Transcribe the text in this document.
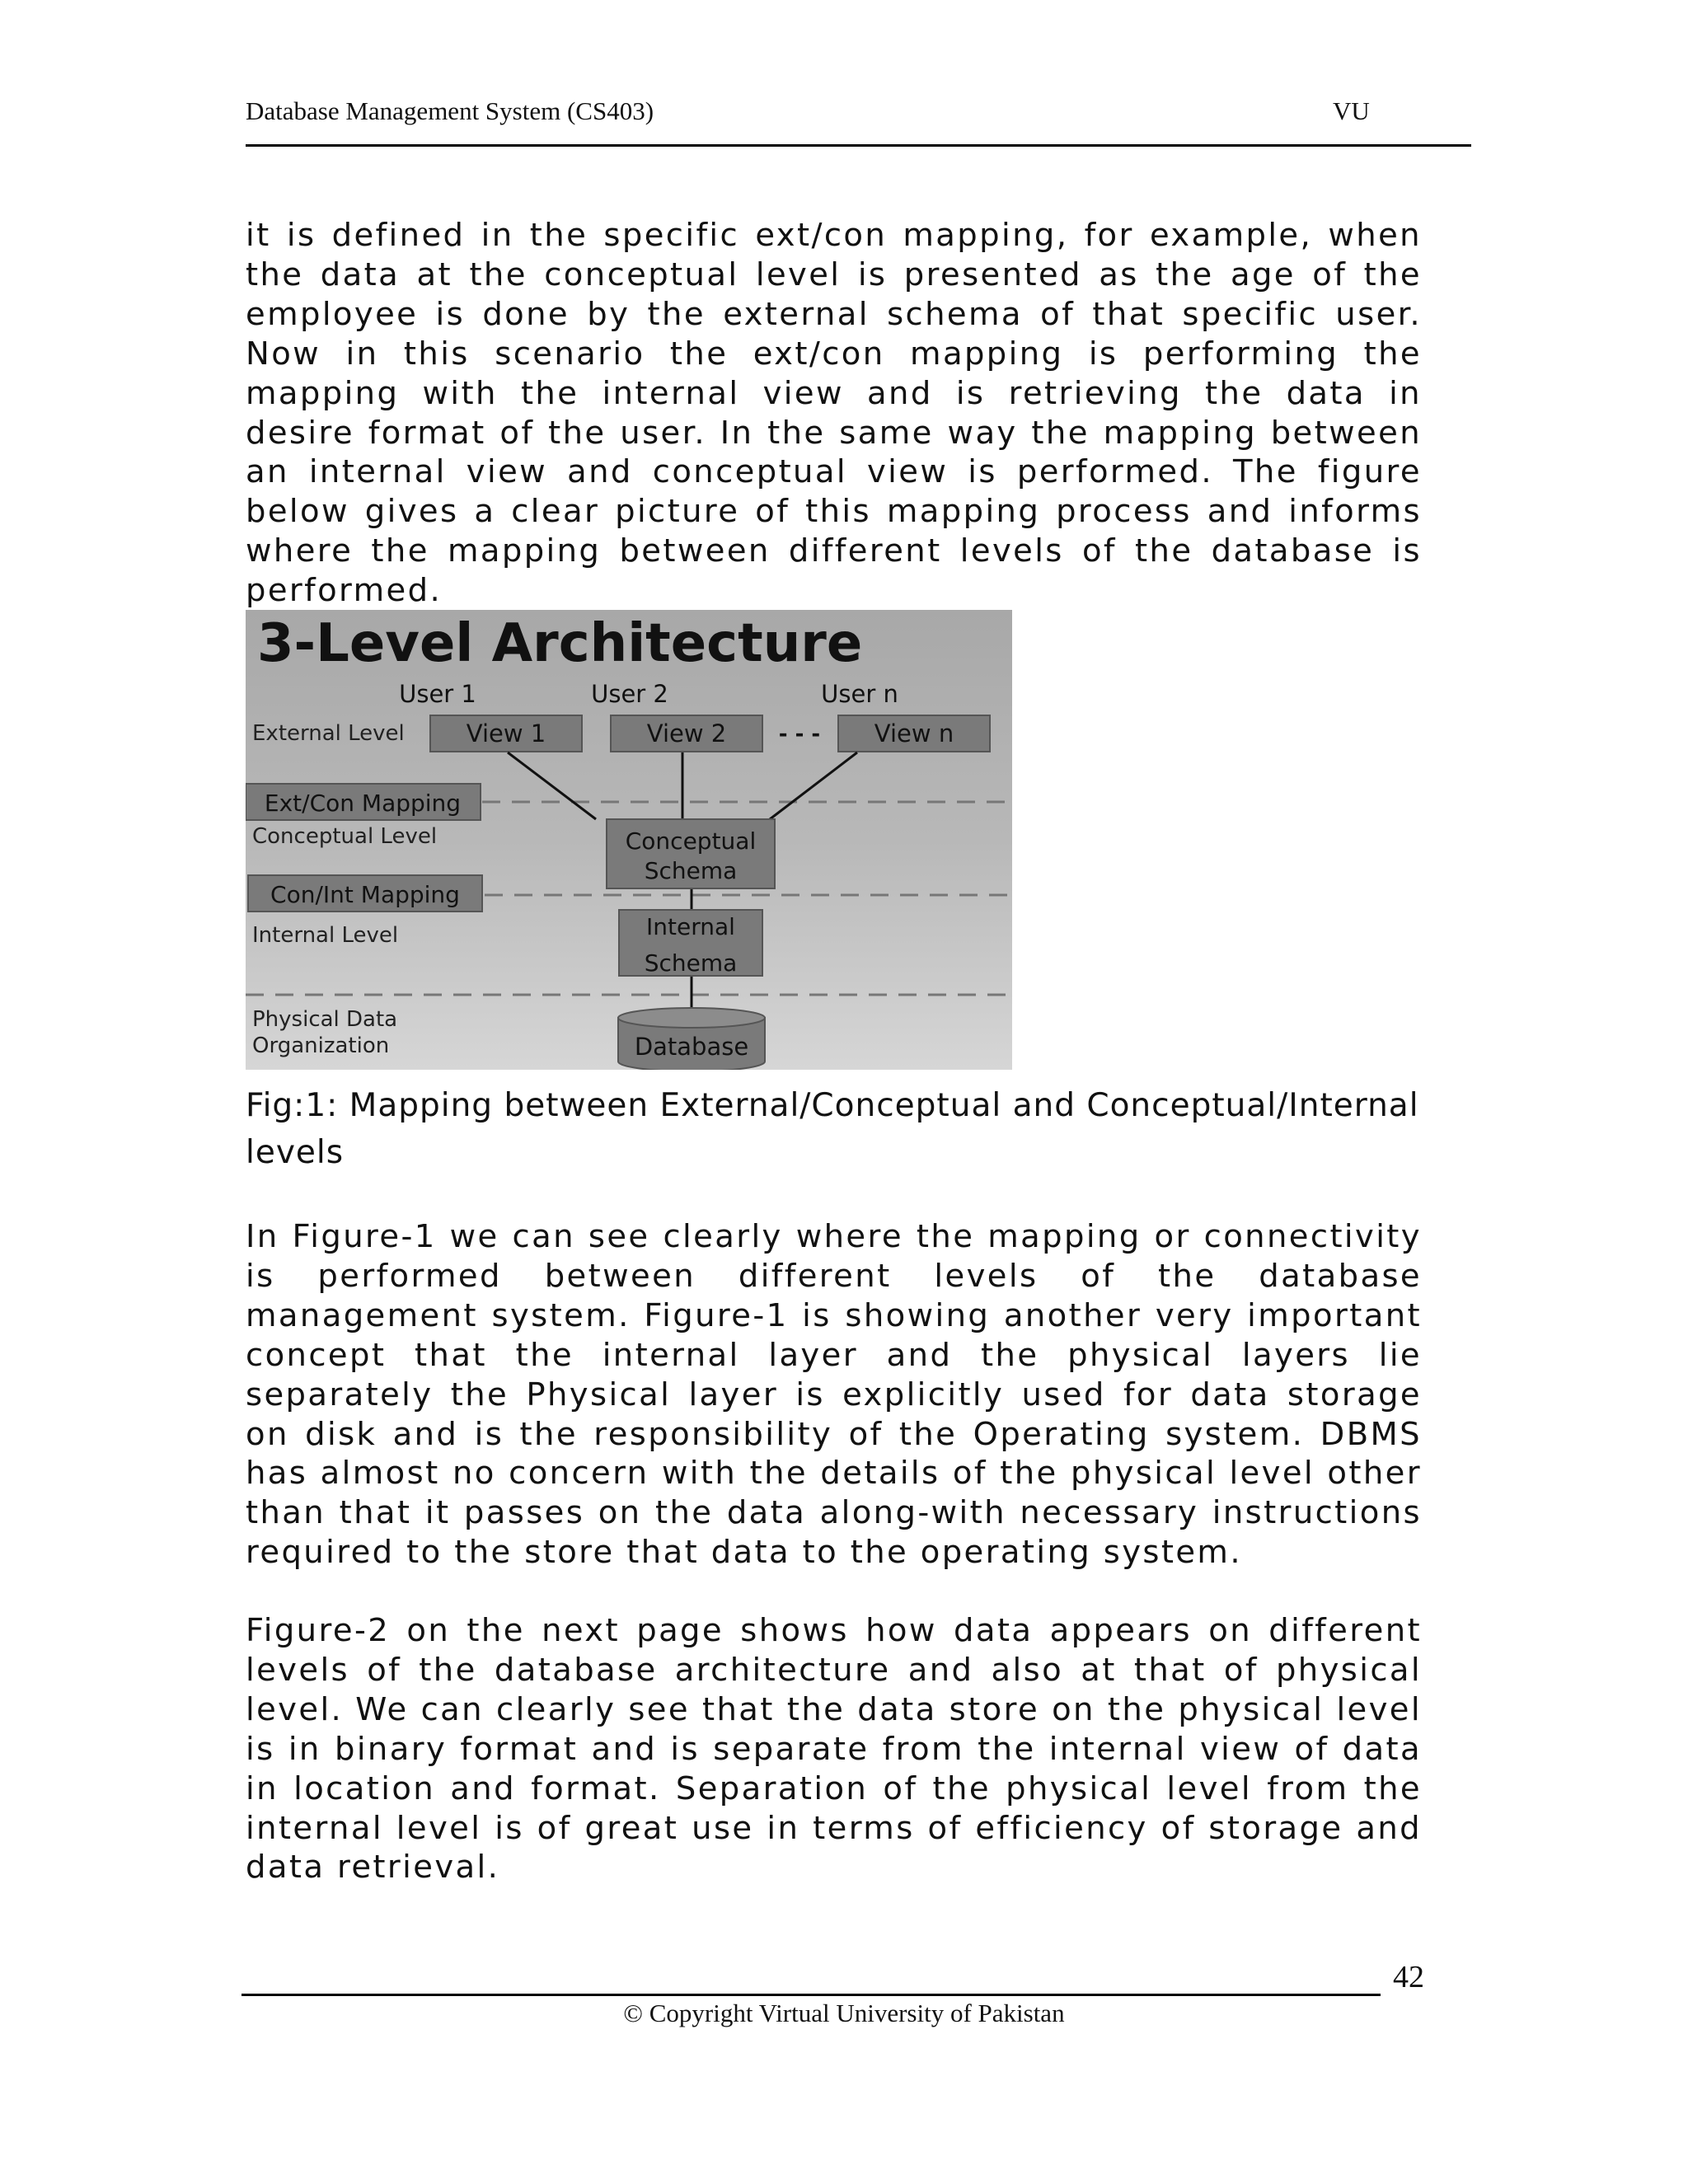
Database Management System (CS403)	VU

it is defined in the specific ext/con mapping, for example, when the data at the conceptual level is presented as the age of the employee is done by the external schema of that specific user. Now in this scenario the ext/con mapping is performing the mapping with the internal view and is retrieving the data in desire format of the user. In the same way the mapping between an internal view and conceptual view is performed. The figure below gives a clear picture of this mapping process and informs where the mapping between different levels of the database is performed.

3-Level Architecture
User 1	User 2	User n
View 1	View 2 - - - View n
External Level
Conceptual Level
Internal Level
Physical Data
Organization
Ext/Con Mapping
Con/Int Mapping
Conceptual
Schema
Internal
Schema
Database

Fig:1: Mapping between External/Conceptual and Conceptual/Internal levels

In Figure-1 we can see clearly where the mapping or connectivity is performed between different levels of the database management system. Figure-1 is showing another very important concept that the internal layer and the physical layers lie separately the Physical layer is explicitly used for data storage on disk and is the responsibility of the Operating system. DBMS has almost no concern with the details of the physical level other than that it passes on the data along-with necessary instructions required to the store that data to the operating system.

Figure-2 on the next page shows how data appears on different levels of the database architecture and also at that of physical level. We can clearly see that the data store on the physical level is in binary format and is separate from the internal view of data in location and format. Separation of the physical level from the internal level is of great use in terms of efficiency of storage and data retrieval.

42
© Copyright Virtual University of Pakistan
